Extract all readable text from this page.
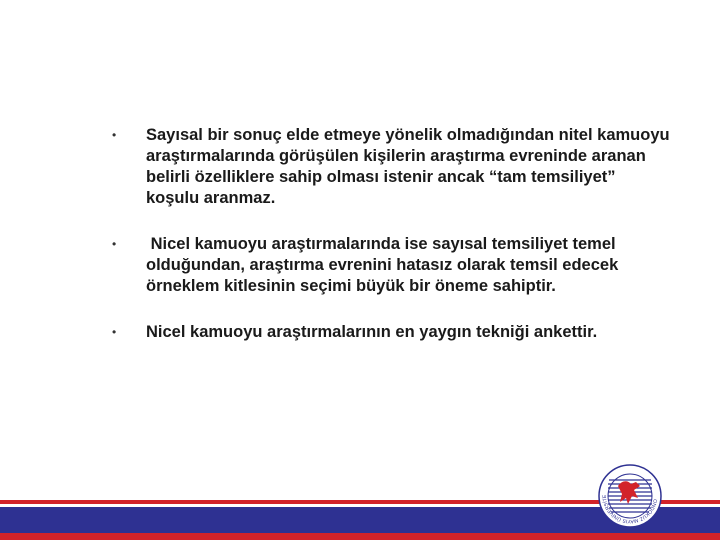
• Sayısal bir sonuç elde etmeye yönelik olmadığından nitel kamuoyu araştırmalarında görüşülen kişilerin araştırma evreninde aranan belirli özelliklere sahip olması istenir ancak “tam temsiliyet” koşulu aranmaz.
• Nicel kamuoyu araştırmalarında ise sayısal temsiliyet temel olduğundan, araştırma evrenini hatasız olarak temsil edecek örneklem kitlesinin seçimi büyük bir öneme sahiptir.
• Nicel kamuoyu araştırmalarının en yaygın tekniği ankettir.
ONDOKUZ MAYIS ÜNİVERSİTE
